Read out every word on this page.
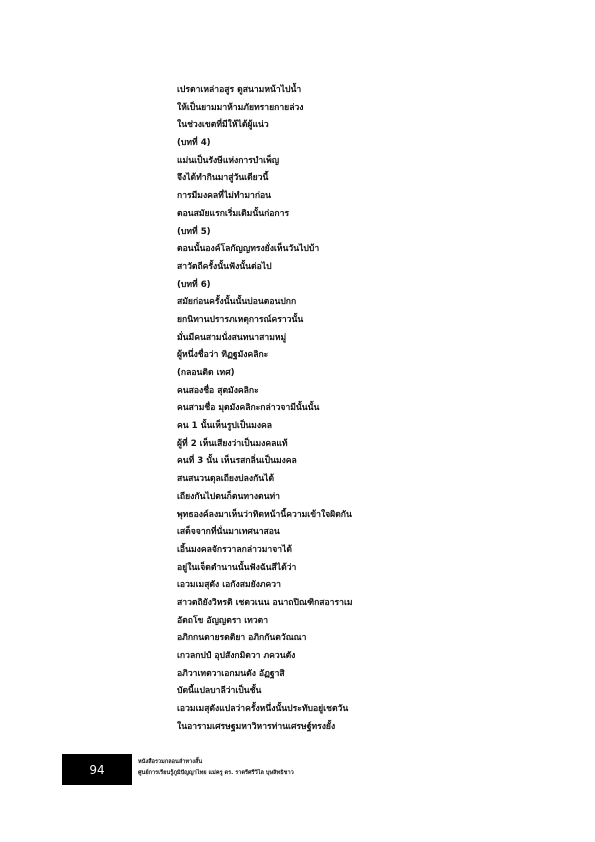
เปรตาเหล่าอสูร ดูสนามหน้าไปน้ำ
ให้เป็นยามมาห้ามภัยทรายกายล่วง
ในช่วงเขตที่มีให้ได้ผู้แน่ว
(บทที่ 4)
แม่นเป็นรังษีแห่งการบำเพ็ญ
จึงได้ทำกินมาสู่วันเดียวนี้
การมีมงคลที่ไม่ทำมาก่อน
ตอนสมัยแรกเริ่มเดิมนั้นก่อการ
(บทที่ 5)
ตอนนั้นองค์โลกัญญทรงยั่งเห็นวันไปบ้า
สาวัตถีครั้งนั้นฟังนั้นต่อไป
(บทที่ 6)
สมัยก่อนครั้งนั้นนั้นบ่อนตอนปกก
ยกนิทานปรารภเหตุการณ์คราวนั้น
มั่นมีคนสามนั่งสนทนาสามหมู่
ผู้หนึ่งชื่อว่า ทิฏฐมังคลิกะ
(กลอนติด เทศ)
คนสองชื่อ สุตมังคลิกะ
คนสามชื่อ มุตมังคลิกะกล่าวจามีนั้นนั้น
คน 1 นั้นเห็นรูปเป็นมงคล
ผู้ที่ 2 เห็นเสียงว่าเป็นมงคลแท้
คนที่ 3 นั้น เห็นรสกลิ่นเป็นมงคล
สนสนวนดุลเถียงบ่ลงกันได้
เถียงกันไปตนก็ตนทางตนท่า
พุทธองค์ลงมาเห็นว่าทิดหน้านี้ความเข้าใจผิดกัน
เสด็จจากที่นั่นมาเทศนาสอน
เอิ้นมงคลจักรวาลกล่าวมาจาได้
อยู่ในเจ็ดตำนานนั้นฟังฉันสีได้ว่า
เอวมเมสุตัง เอกังสมยังภควา
สาวตถิยังวิหรติ เชตวเนน อนาถปิณฑิกสอาราเม
อัตถโข อัญญตรา เทวตา
อภิกกนตายรตติยา อภิกกันตวัณณา
เกวลกปปํ อุปสังกมิตวา ภควนตัง
อภิวาเทตวาเอกมนตัง อัฏฐาสิ
บัดนี้แปลบาลีว่าเป็นชั้น
เอวมเมสุตังแปลว่าครั้งหนึ่งนั้นประทับอยู่เชตวัน
ในอารามเศรษฐมหาวิหารท่านเศรษฐ์ทรงยั้ง
94
หนังสือรวมกลอนลำทางสั้น
ศูนย์การเรียนรู้ภูมิปัญญาไทย แม่ครู ดร. ราตรีศรีวิไล บุษสิทธิชาว
